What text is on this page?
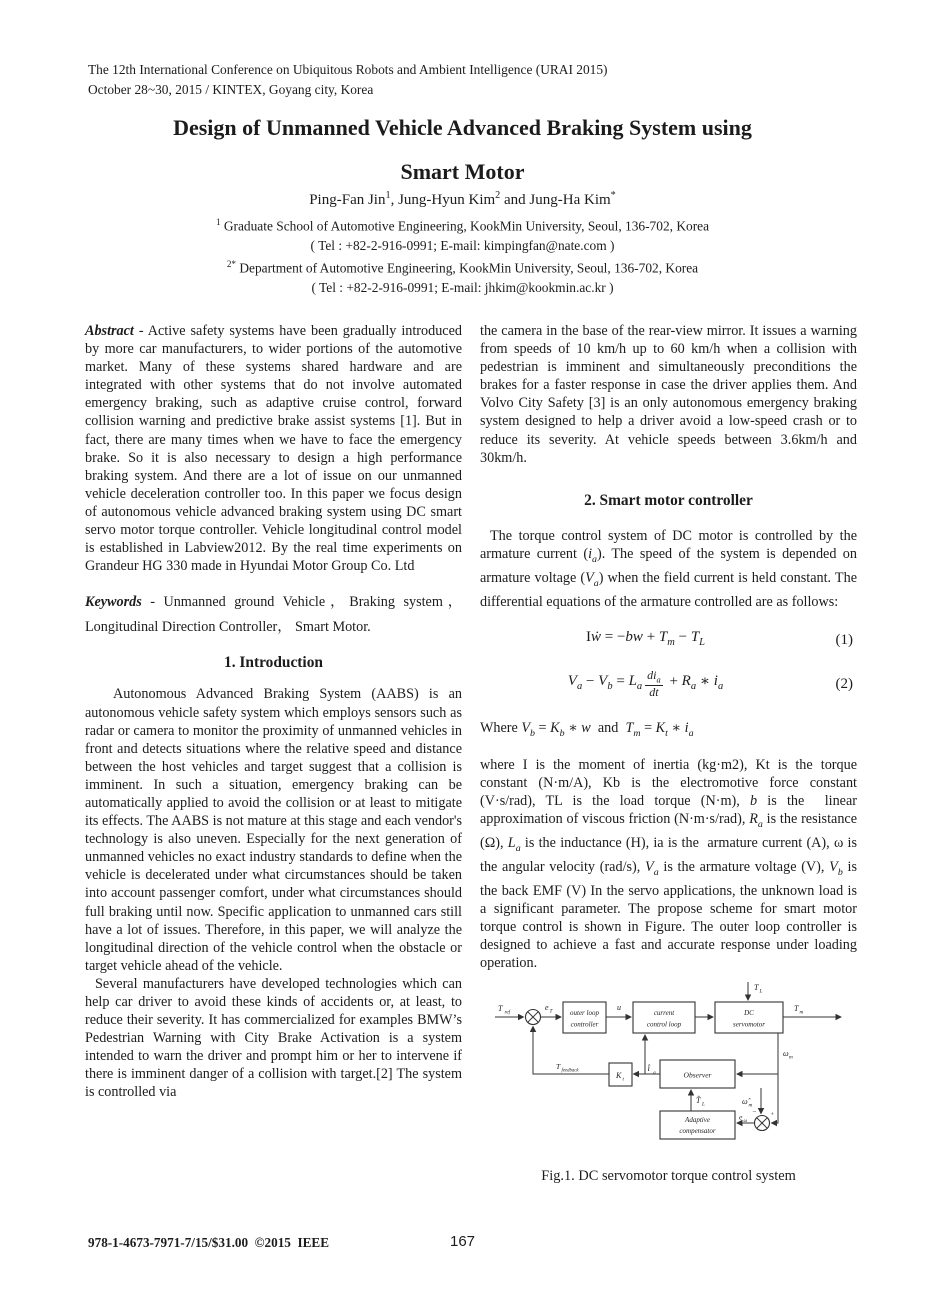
The 12th International Conference on Ubiquitous Robots and Ambient Intelligence (URAI 2015)
October 28~30, 2015 / KINTEX, Goyang city, Korea
Design of Unmanned Vehicle Advanced Braking System using
Smart Motor
Ping-Fan Jin$^1$, Jung-Hyun Kim$^2$ and Jung-Ha Kim*
$^1$ Graduate School of Automotive Engineering, KookMin University, Seoul, 136-702, Korea
( Tel : +82-2-916-0991; E-mail: kimpingfan@nate.com )
$^{2*}$ Department of Automotive Engineering, KookMin University, Seoul, 136-702, Korea
( Tel : +82-2-916-0991; E-mail: jhkim@kookmin.ac.kr )

Abstract - Active safety systems have been gradually introduced by more car manufacturers, to wider portions of the automotive market. Many of these systems shared hardware and are integrated with other systems that do not involve automated emergency braking, such as adaptive cruise control, forward collision warning and predictive brake assist systems [1]. But in fact, there are many times when we have to face the emergency brake. So it is also necessary to design a high performance braking system. And there are a lot of issue on our unmanned vehicle deceleration controller too. In this paper we focus design of autonomous vehicle advanced braking system using DC smart servo motor torque controller. Vehicle longitudinal control model is established in Labview2012. By the real time experiments on Grandeur HG 330 made in Hyundai Motor Group Co. Ltd

Keywords - Unmanned ground Vehicle，Braking system，Longitudinal Direction Controller， Smart Motor.

1. Introduction

Autonomous Advanced Braking System (AABS) is an autonomous vehicle safety system which employs sensors such as radar or camera to monitor the proximity of unmanned vehicles in front and detects situations where the relative speed and distance between the host vehicles and target suggest that a collision is imminent. In such a situation, emergency braking can be automatically applied to avoid the collision or at least to mitigate its effects. The AABS is not mature at this stage and each vendor's technology is also uneven. Especially for the next generation of unmanned vehicles no exact industry standards to define when the vehicle is decelerated under what circumstances should be taken into account passenger comfort, under what circumstances should full braking until now. Specific application to unmanned cars still have a lot of issues. Therefore, in this paper, we will analyze the longitudinal direction of the vehicle control when the obstacle or target vehicle ahead of the vehicle.

Several manufacturers have developed technologies which can help car driver to avoid these kinds of accidents or, at least, to reduce their severity. It has commercialized for examples BMW’s Pedestrian Warning with City Brake Activation is a system intended to warn the driver and prompt him or her to intervene if there is imminent danger of a collision with target.[2] The system is controlled via

the camera in the base of the rear-view mirror. It issues a warning from speeds of 10 km/h up to 60 km/h when a collision with pedestrian is imminent and simultaneously preconditions the brakes for a faster response in case the driver applies them. And Volvo City Safety [3] is an only autonomous emergency braking system designed to help a driver avoid a low-speed crash or to reduce its severity. At vehicle speeds between 3.6km/h and 30km/h.

2. Smart motor controller

The torque control system of DC motor is controlled by the armature current $(i_a)$. The speed of the system is depended on armature voltage $(V_a)$ when the field current is held constant. The differential equations of the armature controlled are as follows:

Iẇ = $-bw + T_m - T_L$	(1)
$V_a - V_b = L_a \frac{di_a}{dt} + R_a$ ∗ $i_a$	(2)

Where $V_b = K_b$ ∗ w  and  $T_m = K_t$ ∗ $i_a$

where I is the moment of inertia (kg·m2), Kt is the torque constant (N·m/A), Kb is the electromotive force constant (V·s/rad), TL is the load torque (N·m), b is the  linear approximation of viscous friction (N·m·s/rad), $R_a$ is the resistance (Ω), $L_a$ is the inductance (H), ia is the  armature current (A), ω is the angular velocity (rad/s), $V_a$ is the armature voltage (V), $V_b$ is the back EMF (V) In the servo applications, the unknown load is a significant parameter. The propose scheme for smart motor torque control is shown in Figure. The outer loop controller is designed to achieve a fast and accurate response under loading operation.

T ref
e T	outer loop
controller
u
current
control loop
DC
servomotor
T L
T m
ω m
Observer
K t
î a
T feedback
Adaptive
compensator
T̂ L	ω̂ m
− +
e ω

Fig.1. DC servomotor torque control system

978-1-4673-7971-7/15/$31.00  ©2015  IEEE	167
